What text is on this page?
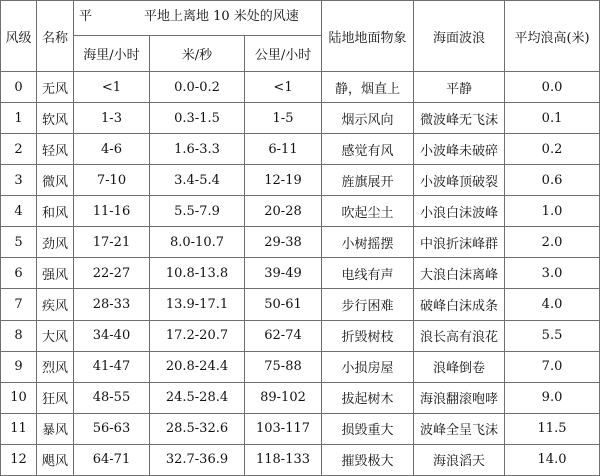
风级	名称	平 平地上离地 10 米处的风速			陆地地面物象	海面波浪	平均浪高(米)
		海里/小时	米/秒	公里/小时			
0	无风	<1	0.0-0.2	<1	静，烟直上	平静	0.0
1	软风	1-3	0.3-1.5	1-5	烟示风向	微波峰无飞沫	0.1
2	轻风	4-6	1.6-3.3	6-11	感觉有风	小波峰未破碎	0.2
3	微风	7-10	3.4-5.4	12-19	旌旗展开	小波峰顶破裂	0.6
4	和风	11-16	5.5-7.9	20-28	吹起尘土	小浪白沫波峰	1.0
5	劲风	17-21	8.0-10.7	29-38	小树摇摆	中浪折沫峰群	2.0
6	强风	22-27	10.8-13.8	39-49	电线有声	大浪白沫离峰	3.0
7	疾风	28-33	13.9-17.1	50-61	步行困难	破峰白沫成条	4.0
8	大风	34-40	17.2-20.7	62-74	折毁树枝	浪长高有浪花	5.5
9	烈风	41-47	20.8-24.4	75-88	小损房屋	浪峰倒卷	7.0
10	狂风	48-55	24.5-28.4	89-102	拔起树木	海浪翻滚咆哮	9.0
11	暴风	56-63	28.5-32.6	103-117	损毁重大	波峰全呈飞沫	11.5
12	飓风	64-71	32.7-36.9	118-133	摧毁极大	海浪滔天	14.0
